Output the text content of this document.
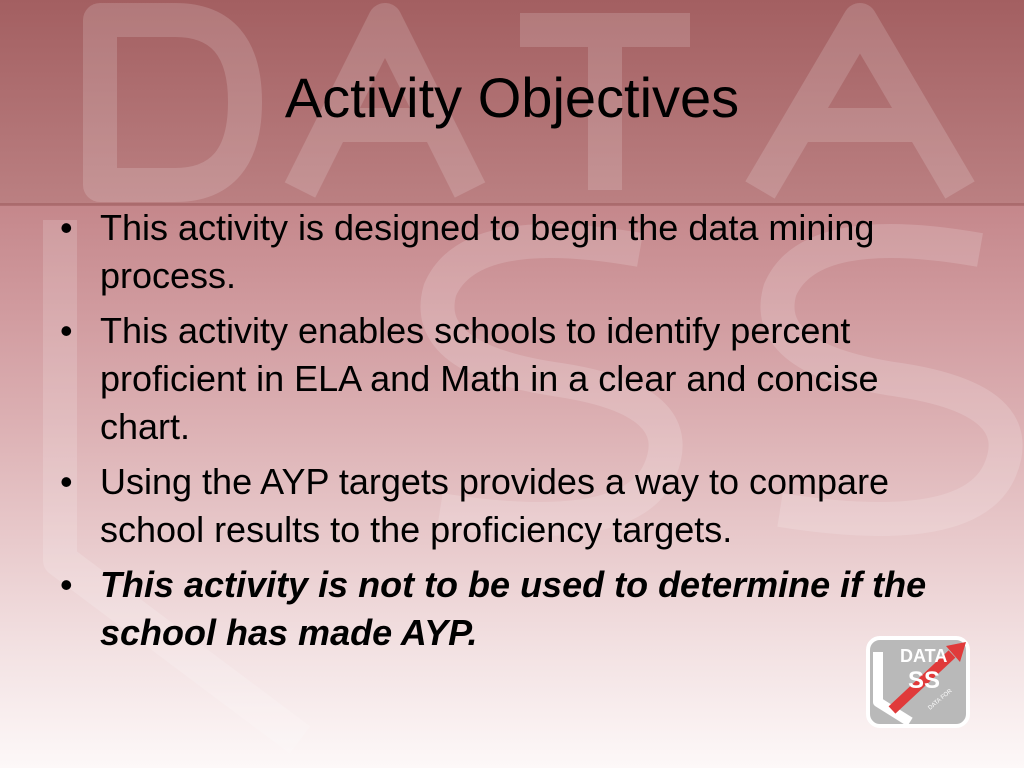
Activity Objectives
• This activity is designed to begin the data mining process.
• This activity enables schools to identify percent proficient in ELA and Math in a clear and concise chart.
• Using the AYP targets provides a way to compare school results to the proficiency targets.
• This activity is not to be used to determine if the school has made AYP.
DATA
SS
DATA FOR
